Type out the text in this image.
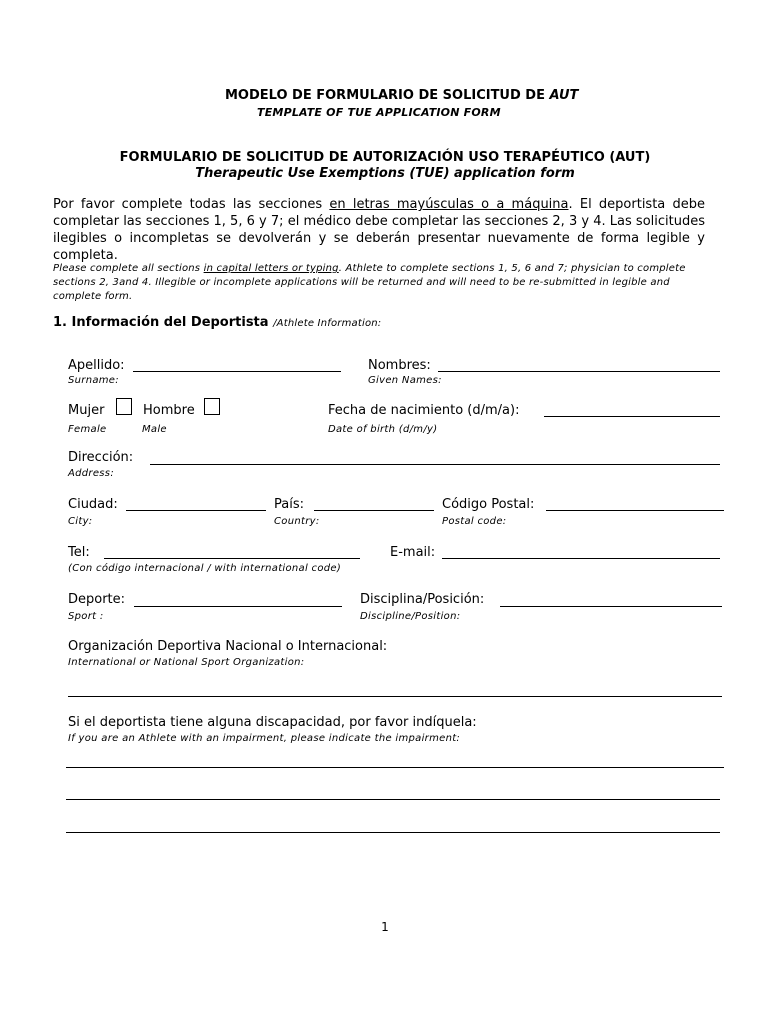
MODELO DE FORMULARIO DE SOLICITUD DE AUT
TEMPLATE OF TUE APPLICATION FORM
FORMULARIO DE SOLICITUD DE AUTORIZACIÓN USO TERAPÉUTICO (AUT)
Therapeutic Use Exemptions (TUE) application form
Por favor complete todas las secciones en letras mayúsculas o a máquina. El deportista debe completar las secciones 1, 5, 6 y 7; el médico debe completar las secciones 2, 3 y 4. Las solicitudes ilegibles o incompletas se devolverán y se deberán presentar nuevamente de forma legible y completa.
Please complete all sections in capital letters or typing. Athlete to complete sections 1, 5, 6 and 7; physician to complete sections 2, 3and 4. Illegible or incomplete applications will be returned and will need to be re-submitted in legible and complete form.
1. Información del Deportista /Athlete Information:
Apellido:
Surname:
Nombres:
Given Names:
Mujer	Hombre
Female	Male
Fecha de nacimiento (d/m/a):
Date of birth (d/m/y)
Dirección:
Address:
Ciudad:
City:
País:
Country:
Código Postal:
Postal code:
Tel:
(Con código internacional / with international code)
E-mail:
Deporte:
Sport :
Disciplina/Posición:
Discipline/Position:
Organización Deportiva Nacional o Internacional:
International or National Sport Organization:
Si el deportista tiene alguna discapacidad, por favor indíquela:
If you are an Athlete with an impairment, please indicate the impairment:
1
